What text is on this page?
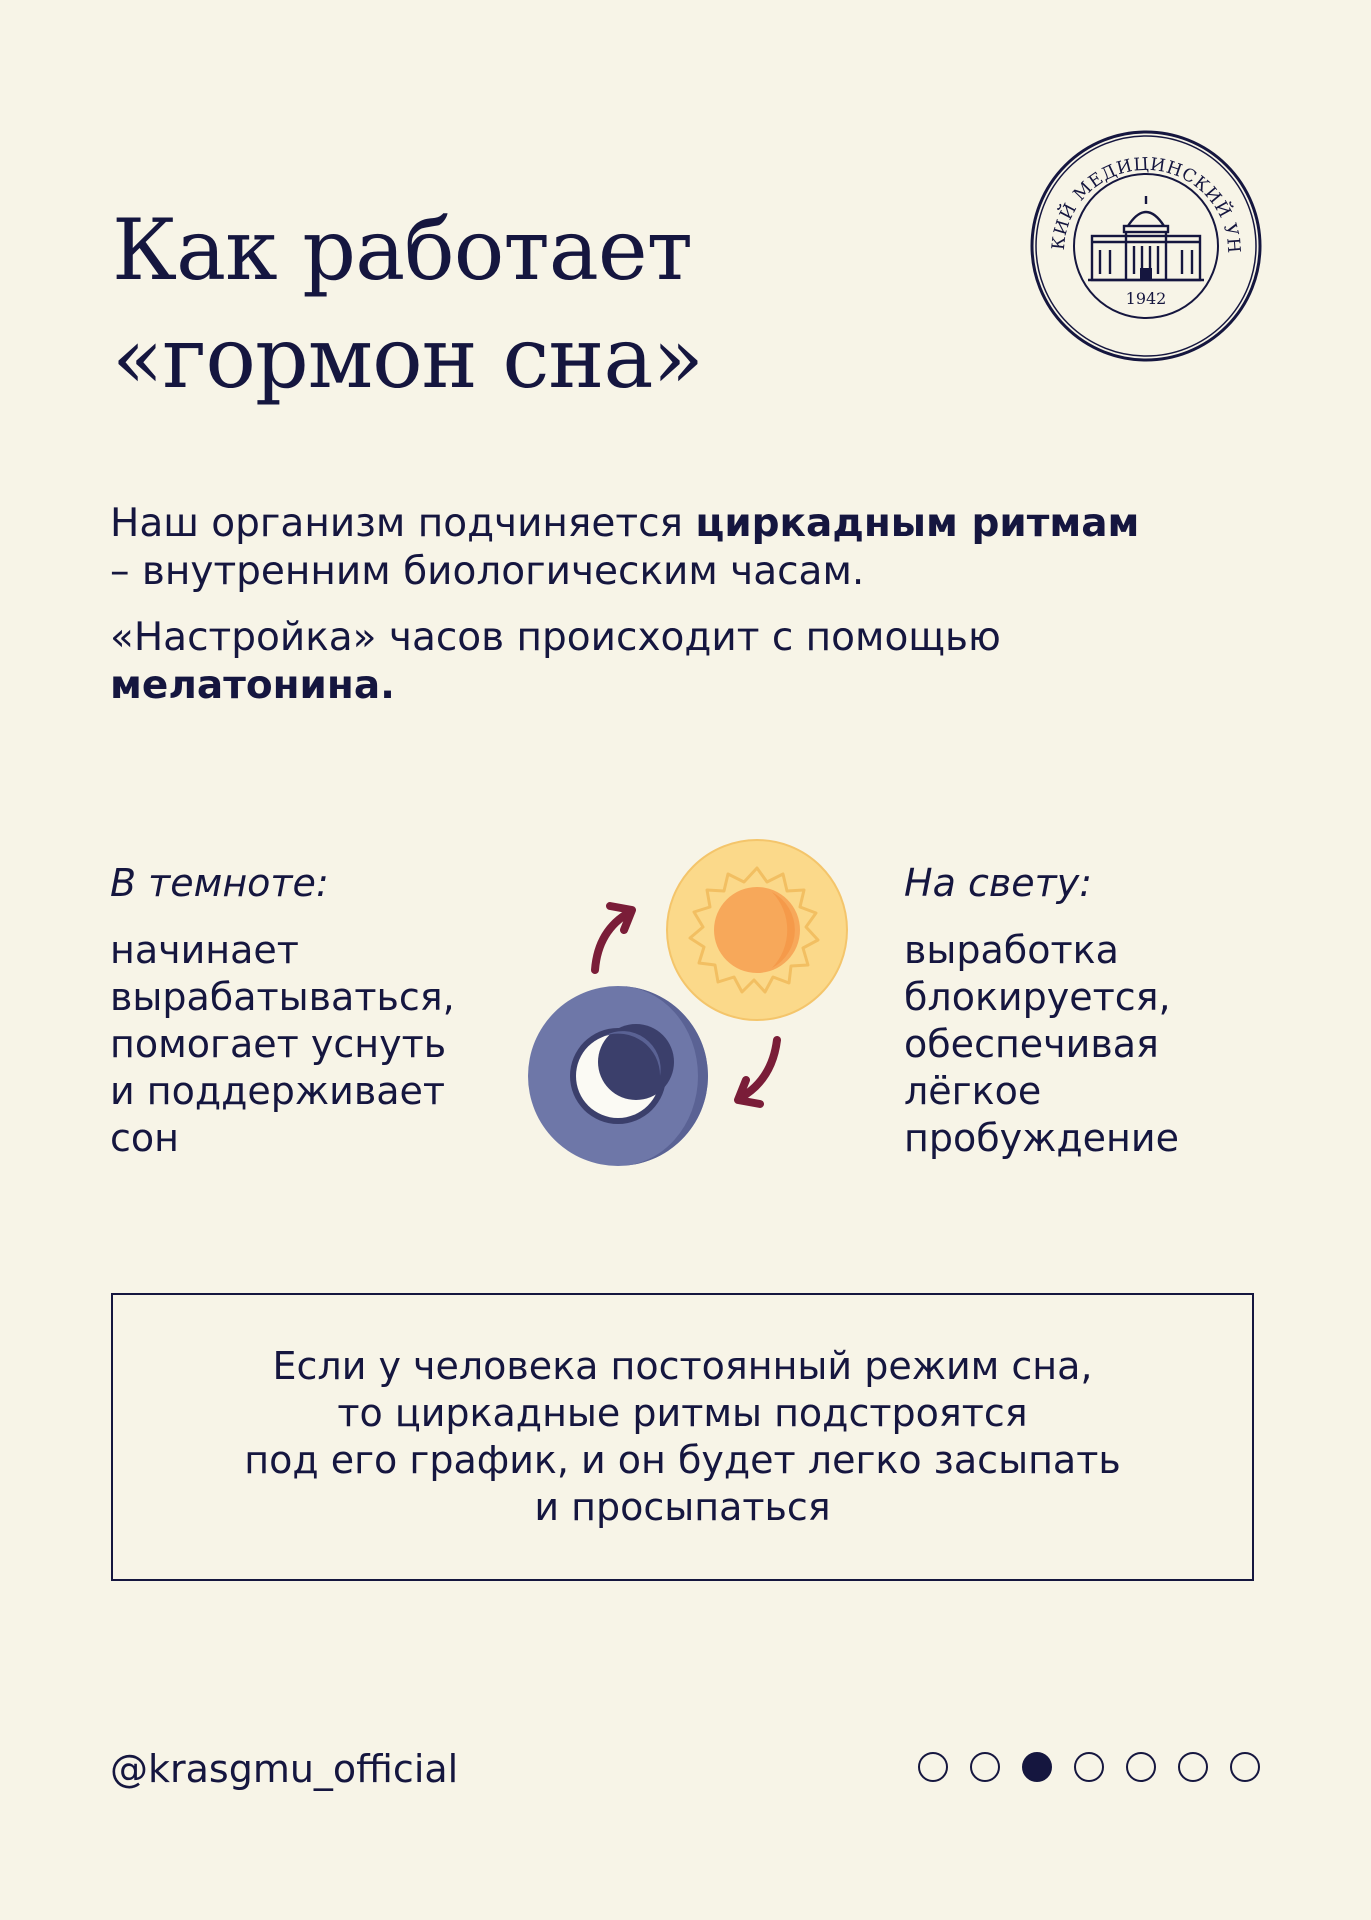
Как работает
«гормон сна»
КИЙ МЕДИЦИНСКИЙ УН
1942

Наш организм подчиняется циркадным ритмам – внутренним биологическим часам.

«Настройка» часов происходит с помощью мелатонина.

В темноте:
начинает
вырабатываться,
помогает уснуть
и поддерживает
сон
На свету:
выработка
блокируется,
обеспечивая
лёгкое
пробуждение
Если у человека постоянный режим сна,
то циркадные ритмы подстроятся
под его график, и он будет легко засыпать
и просыпаться
@krasgmu_official
